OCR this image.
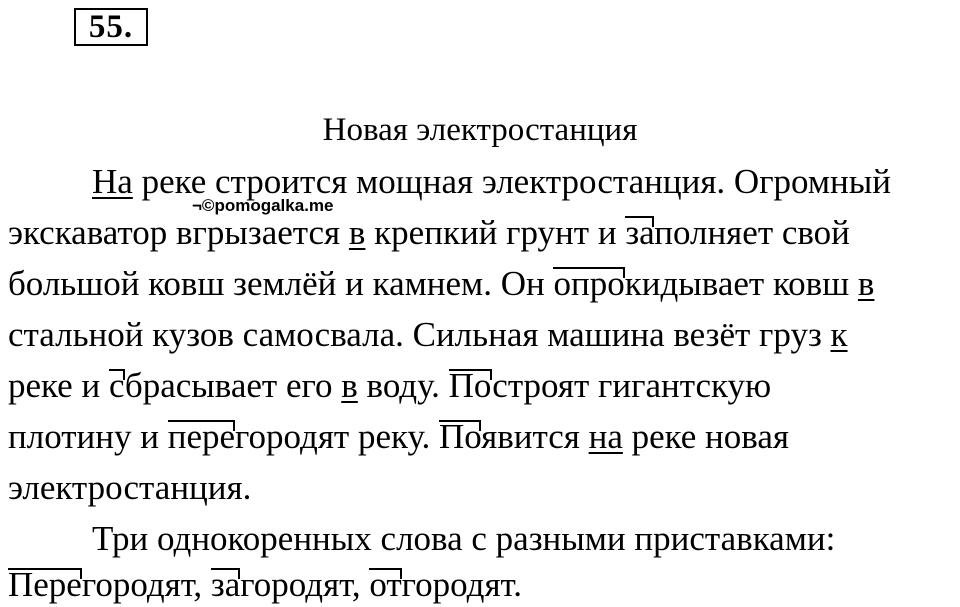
55.
Новая электростанция
¬©pomogalka.me
На реке строится мощная электростанция. Огромный
экскаватор вгрызается в крепкий грунт и заполняет свой
большой ковш землёй и камнем. Он опрокидывает ковш в
стальной кузов самосвала. Сильная машина везёт груз к
реке и сбрасывает его в воду. Построят гигантскую
плотину и перегородят реку. Появится на реке новая
электростанция.
Три однокоренных слова с разными приставками:
Перегородят, загородят, отгородят.
